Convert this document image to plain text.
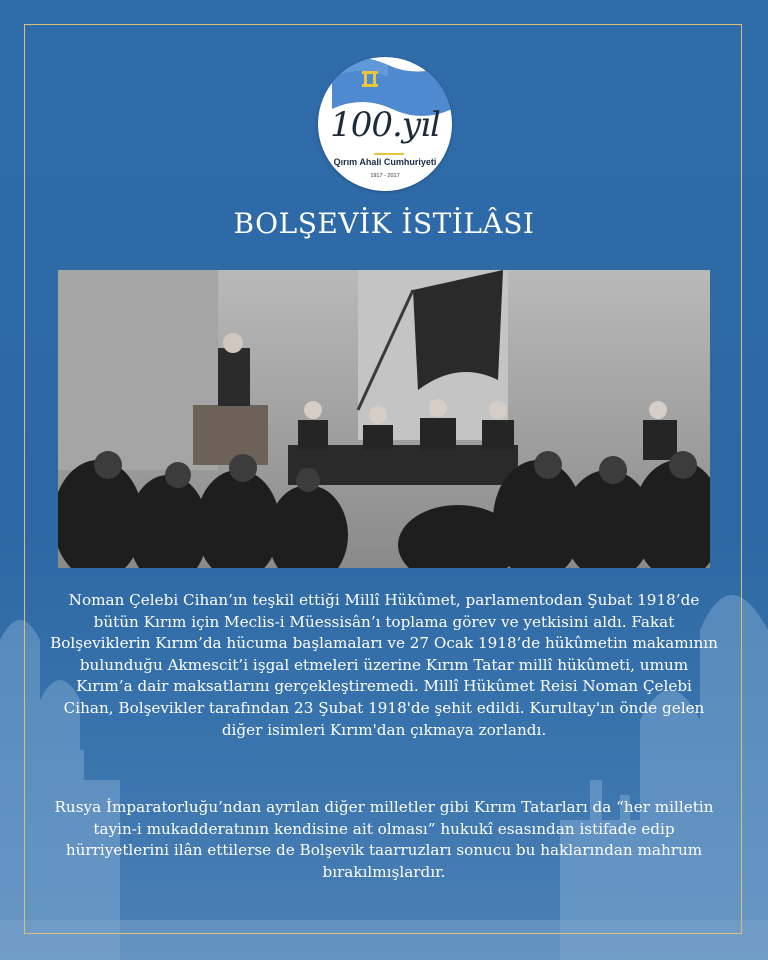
100.yıl
Qırım Ahali Cumhuriyeti
1917 - 2017
BOLŞEVİK İSTİLÂSI
Noman Çelebi Cihan’ın teşkil ettiği Millî Hükûmet, parlamentodan Şubat 1918’de bütün Kırım için Meclis-i Müessisân’ı toplama görev ve yetkisini aldı. Fakat Bolşeviklerin Kırım’da hücuma başlamaları ve 27 Ocak 1918’de hükûmetin makamının bulunduğu Akmescit’i işgal etmeleri üzerine Kırım Tatar millî hükûmeti, umum Kırım’a dair maksatlarını gerçekleştiremedi. Millî Hükûmet Reisi Noman Çelebi Cihan, Bolşevikler tarafından 23 Şubat 1918'de şehit edildi. Kurultay'ın önde gelen diğer isimleri Kırım'dan çıkmaya zorlandı.
Rusya İmparatorluğu’ndan ayrılan diğer milletler gibi Kırım Tatarları da “her milletin tayin-i mukadderatının kendisine ait olması” hukukî esasından istifade edip hürriyetlerini ilân ettilerse de Bolşevik taarruzları sonucu bu haklarından mahrum bırakılmışlardır.
